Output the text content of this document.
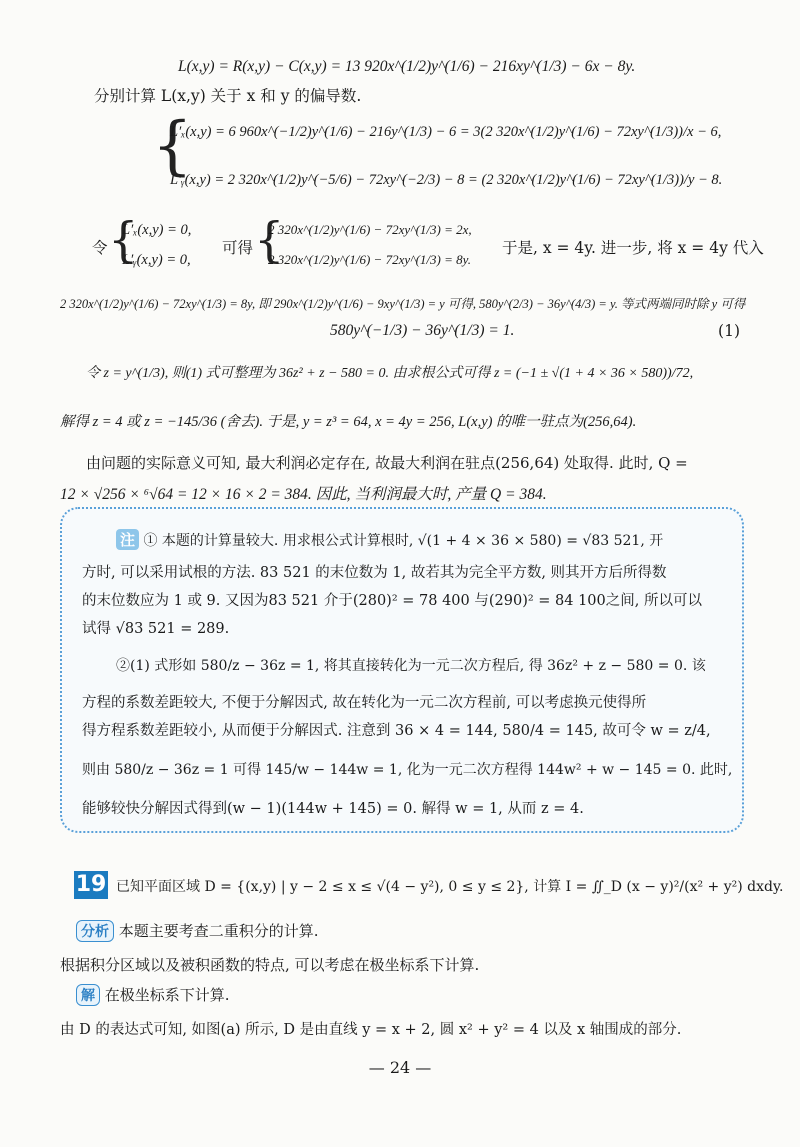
L(x,y) = R(x,y) − C(x,y) = 13 920x^(1/2)y^(1/6) − 216xy^(1/3) − 6x − 8y.
分别计算 L(x,y) 关于 x 和 y 的偏导数.
{
L′ₓ(x,y) = 6 960x^(−1/2)y^(1/6) − 216y^(1/3) − 6 = 3(2 320x^(1/2)y^(1/6) − 72xy^(1/3))/x − 6,
L′ᵧ(x,y) = 2 320x^(1/2)y^(−5/6) − 72xy^(−2/3) − 8 = (2 320x^(1/2)y^(1/6) − 72xy^(1/3))/y − 8.
令 {
L′ₓ(x,y) = 0,
L′ᵧ(x,y) = 0,
可得 {
2 320x^(1/2)y^(1/6) − 72xy^(1/3) = 2x,
2 320x^(1/2)y^(1/6) − 72xy^(1/3) = 8y.
于是, x = 4y. 进一步, 将 x = 4y 代入
2 320x^(1/2)y^(1/6) − 72xy^(1/3) = 8y, 即 290x^(1/2)y^(1/6) − 9xy^(1/3) = y 可得, 580y^(2/3) − 36y^(4/3) = y. 等式两端同时除 y 可得
580y^(−1/3) − 36y^(1/3) = 1.	(1)
令 z = y^(1/3), 则(1) 式可整理为 36z² + z − 580 = 0. 由求根公式可得 z = (−1 ± √(1 + 4 × 36 × 580))/72,
解得 z = 4 或 z = −145/36 (舍去). 于是, y = z³ = 64, x = 4y = 256, L(x,y) 的唯一驻点为(256,64).
由问题的实际意义可知, 最大利润必定存在, 故最大利润在驻点(256,64) 处取得. 此时, Q =
12 × √256 × ⁶√64 = 12 × 16 × 2 = 384. 因此, 当利润最大时, 产量 Q = 384.
注 ① 本题的计算量较大. 用求根公式计算根时, √(1 + 4 × 36 × 580) = √83 521, 开
方时, 可以采用试根的方法. 83 521 的末位数为 1, 故若其为完全平方数, 则其开方后所得数
的末位数应为 1 或 9. 又因为83 521 介于(280)² = 78 400 与(290)² = 84 100之间, 所以可以
试得 √83 521 = 289.
②(1) 式形如 580/z − 36z = 1, 将其直接转化为一元二次方程后, 得 36z² + z − 580 = 0. 该
方程的系数差距较大, 不便于分解因式, 故在转化为一元二次方程前, 可以考虑换元使得所
得方程系数差距较小, 从而便于分解因式. 注意到 36 × 4 = 144, 580/4 = 145, 故可令 w = z/4,
则由 580/z − 36z = 1 可得 145/w − 144w = 1, 化为一元二次方程得 144w² + w − 145 = 0. 此时,
能够较快分解因式得到(w − 1)(144w + 145) = 0. 解得 w = 1, 从而 z = 4.
19 已知平面区域 D = {(x,y) | y − 2 ≤ x ≤ √(4 − y²), 0 ≤ y ≤ 2}, 计算 I = ∬_D (x − y)²/(x² + y²) dxdy.
分析 本题主要考查二重积分的计算.
根据积分区域以及被积函数的特点, 可以考虑在极坐标系下计算.
解 在极坐标系下计算.
由 D 的表达式可知, 如图(a) 所示, D 是由直线 y = x + 2, 圆 x² + y² = 4 以及 x 轴围成的部分.
— 24 —
